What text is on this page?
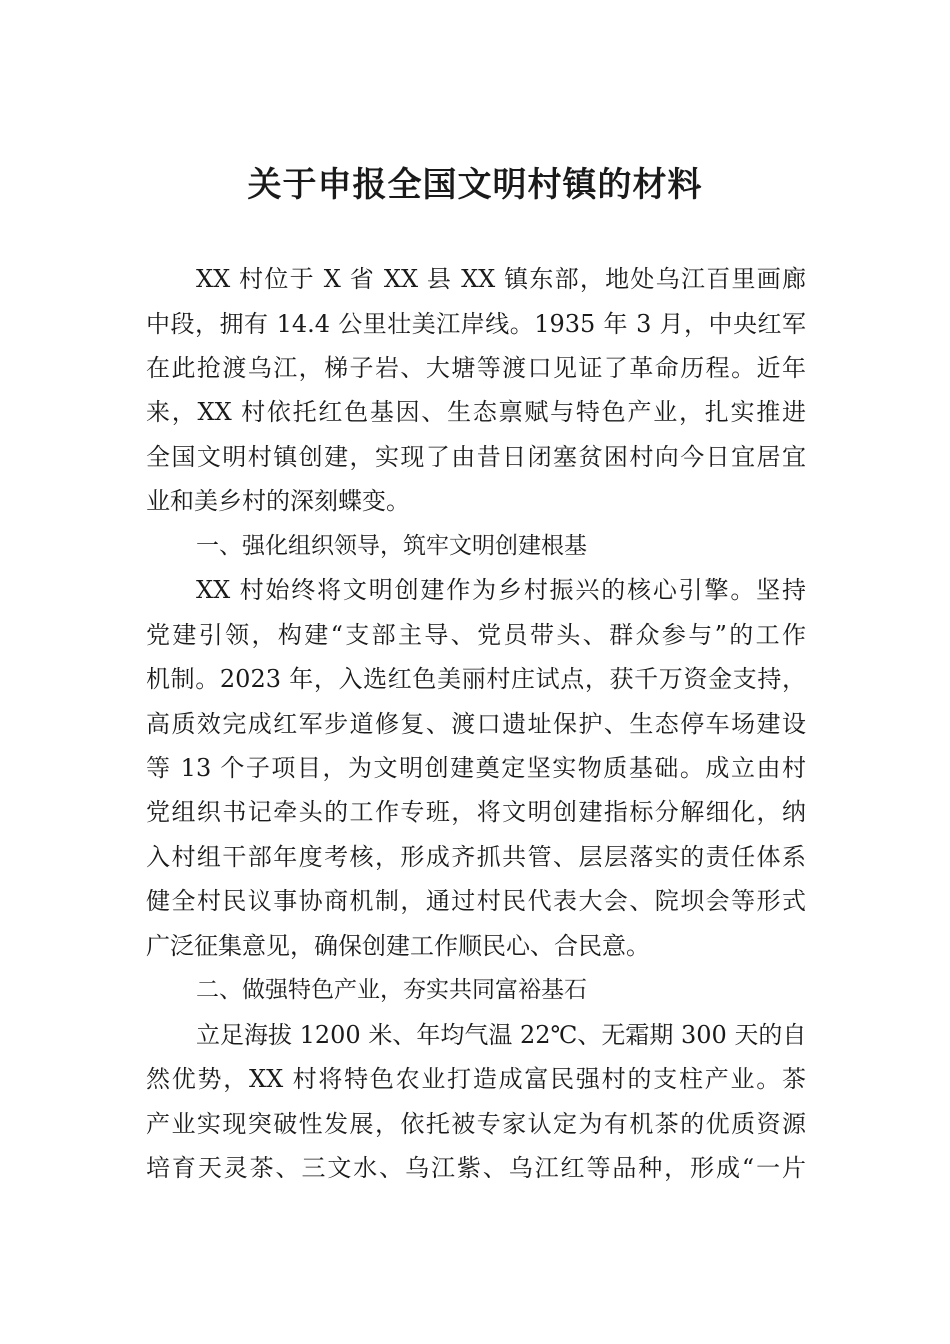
关于申报全国文明村镇的材料
XX 村位于 X 省 XX 县 XX 镇东部，地处乌江百里画廊
中段，拥有 14.4 公里壮美江岸线。1935 年 3 月，中央红军
在此抢渡乌江，梯子岩、大塘等渡口见证了革命历程。近年
来，XX 村依托红色基因、生态禀赋与特色产业，扎实推进
全国文明村镇创建，实现了由昔日闭塞贫困村向今日宜居宜
业和美乡村的深刻蝶变。
一、强化组织领导，筑牢文明创建根基
XX 村始终将文明创建作为乡村振兴的核心引擎。坚持
党建引领，构建“支部主导、党员带头、群众参与”的工作
机制。2023 年，入选红色美丽村庄试点，获千万资金支持，
高质效完成红军步道修复、渡口遗址保护、生态停车场建设
等 13 个子项目，为文明创建奠定坚实物质基础。成立由村
党组织书记牵头的工作专班，将文明创建指标分解细化，纳
入村组干部年度考核，形成齐抓共管、层层落实的责任体系
健全村民议事协商机制，通过村民代表大会、院坝会等形式
广泛征集意见，确保创建工作顺民心、合民意。
二、做强特色产业，夯实共同富裕基石
立足海拔 1200 米、年均气温 22℃、无霜期 300 天的自
然优势，XX 村将特色农业打造成富民强村的支柱产业。茶
产业实现突破性发展，依托被专家认定为有机茶的优质资源
培育天灵茶、三文水、乌江紫、乌江红等品种，形成“一片
